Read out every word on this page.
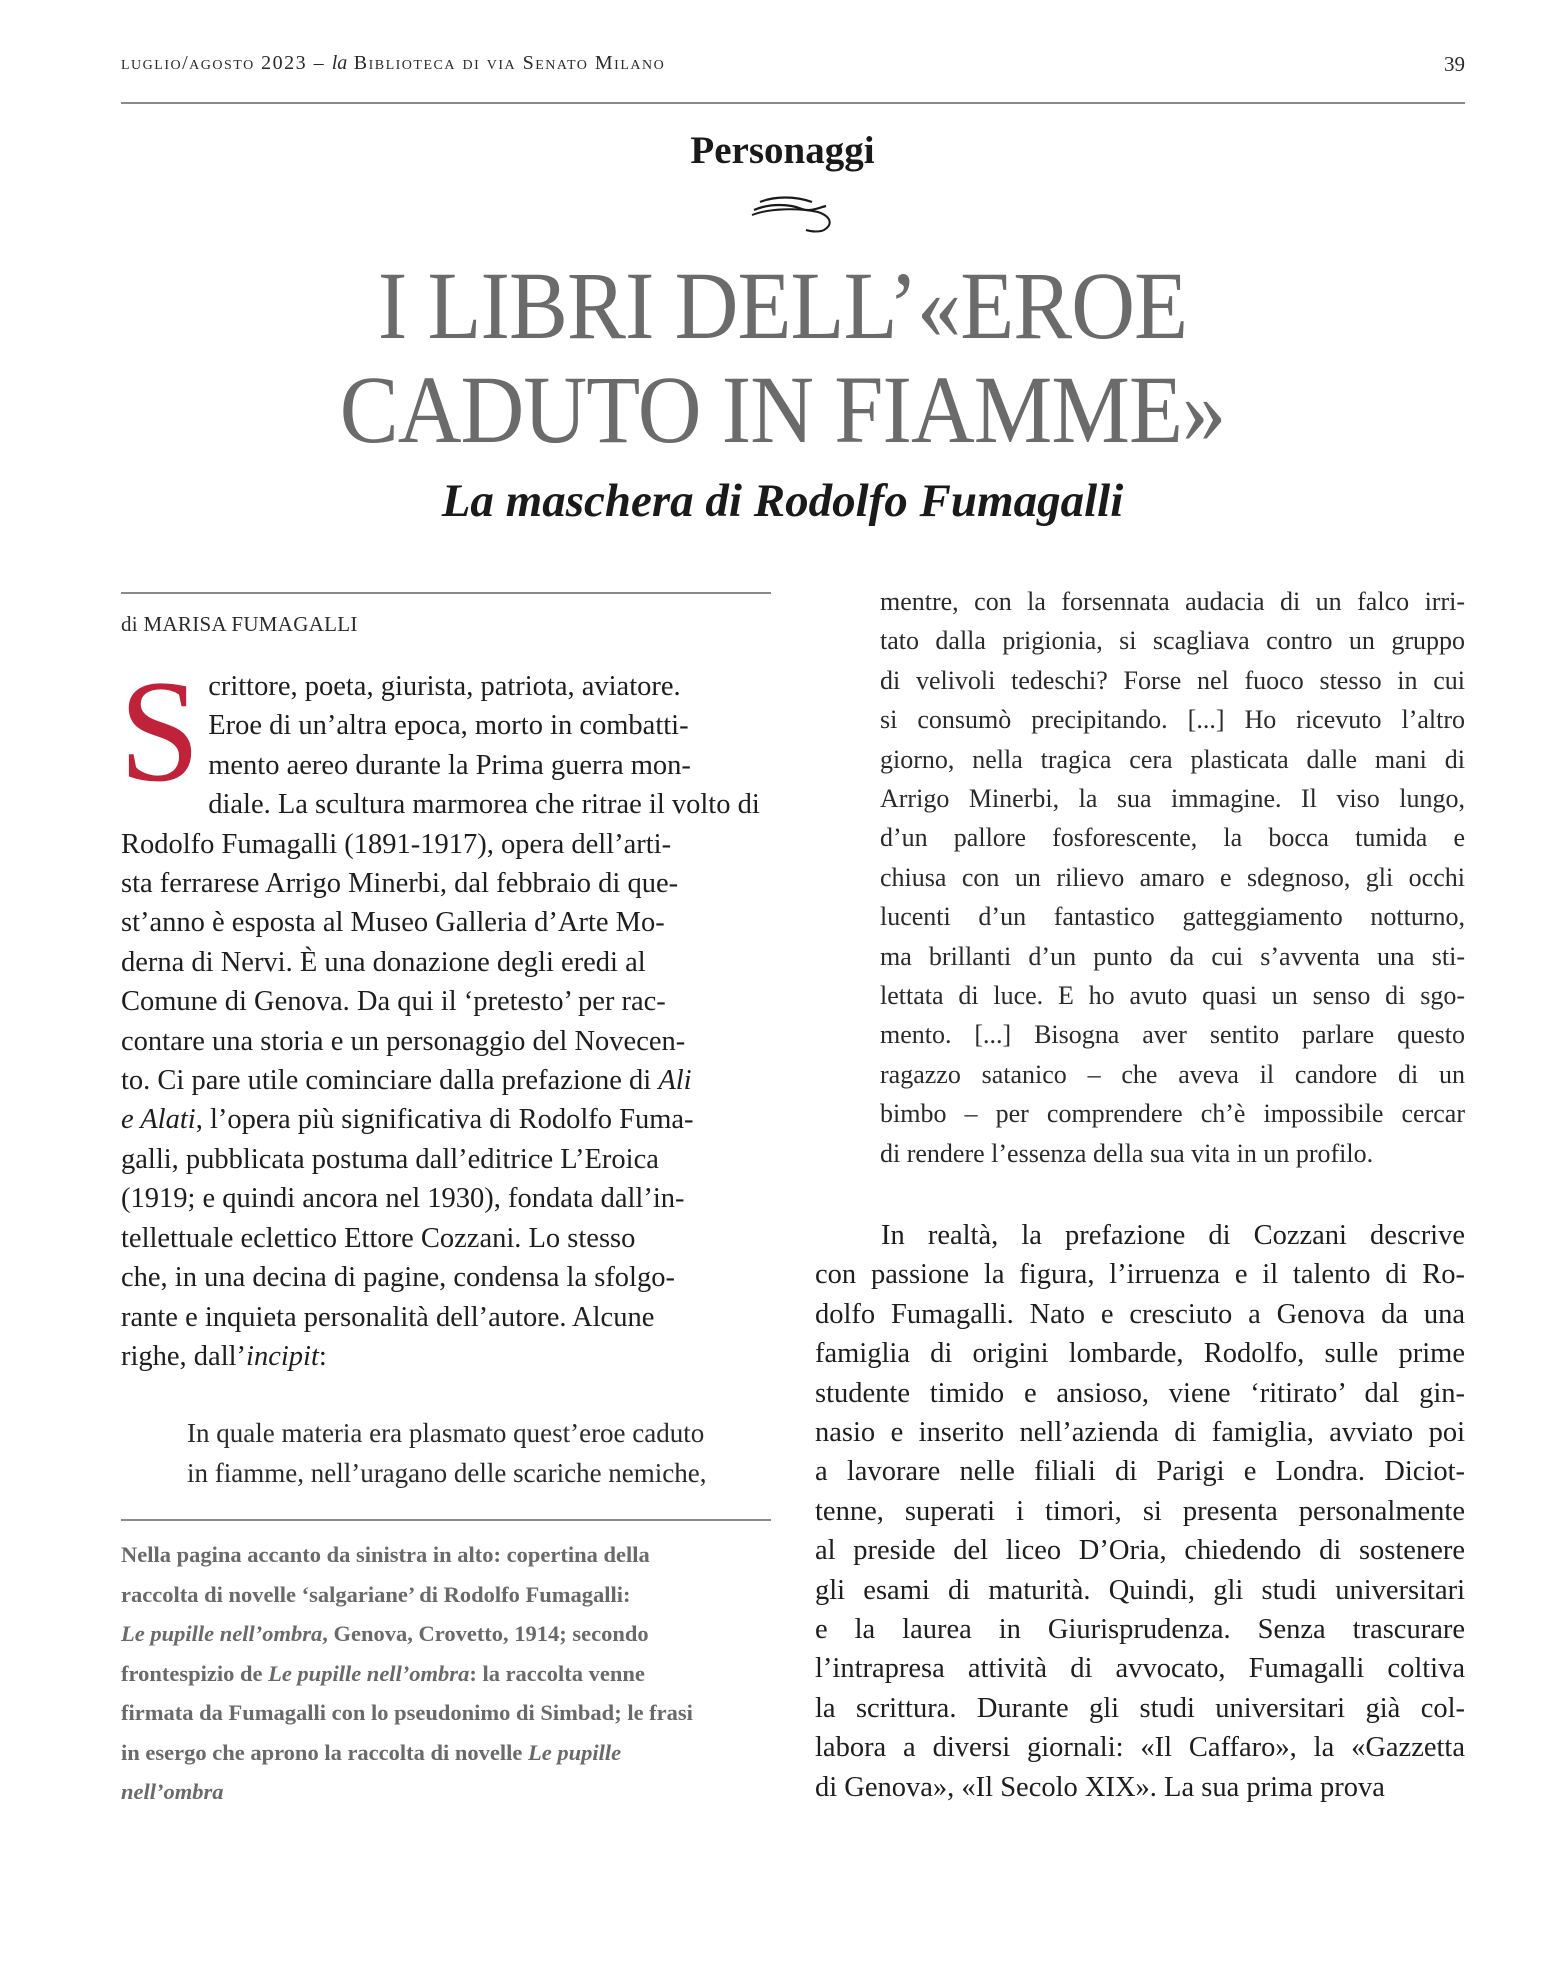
luglio/agosto 2023 – la Biblioteca di via Senato Milano	39
Personaggi
I LIBRI DELL’«EROE
CADUTO IN FIAMME»
La maschera di Rodolfo Fumagalli
di MARISA FUMAGALLI

S crittore, poeta, giurista, patriota, aviatore.
Eroe di un’altra epoca, morto in combatti-
mento aereo durante la Prima guerra mon-
diale. La scultura marmorea che ritrae il volto di
Rodolfo Fumagalli (1891-1917), opera dell’arti-
sta ferrarese Arrigo Minerbi, dal febbraio di que-
st’anno è esposta al Museo Galleria d’Arte Mo-
derna di Nervi. È una donazione degli eredi al
Comune di Genova. Da qui il ‘pretesto’ per rac-
contare una storia e un personaggio del Novecen-
to. Ci pare utile cominciare dalla prefazione di Ali
e Alati, l’opera più significativa di Rodolfo Fuma-
galli, pubblicata postuma dall’editrice L’Eroica
(1919; e quindi ancora nel 1930), fondata dall’in-
tellettuale eclettico Ettore Cozzani. Lo stesso
che, in una decina di pagine, condensa la sfolgo-
rante e inquieta personalità dell’autore. Alcune
righe, dall’incipit:

In quale materia era plasmato quest’eroe caduto
in fiamme, nell’uragano delle scariche nemiche,

Nella pagina accanto da sinistra in alto: copertina della
raccolta di novelle ‘salgariane’ di Rodolfo Fumagalli:
Le pupille nell’ombra, Genova, Crovetto, 1914; secondo
frontespizio de Le pupille nell’ombra: la raccolta venne
firmata da Fumagalli con lo pseudonimo di Simbad; le frasi
in esergo che aprono la raccolta di novelle Le pupille
nell’ombra
mentre, con la forsennata audacia di un falco irri-
tato dalla prigionia, si scagliava contro un gruppo
di velivoli tedeschi? Forse nel fuoco stesso in cui
si consumò precipitando. [...] Ho ricevuto l’altro
giorno, nella tragica cera plasticata dalle mani di
Arrigo Minerbi, la sua immagine. Il viso lungo,
d’un pallore fosforescente, la bocca tumida e
chiusa con un rilievo amaro e sdegnoso, gli occhi
lucenti d’un fantastico gatteggiamento notturno,
ma brillanti d’un punto da cui s’avventa una sti-
lettata di luce. E ho avuto quasi un senso di sgo-
mento. [...] Bisogna aver sentito parlare questo
ragazzo satanico – che aveva il candore di un
bimbo – per comprendere ch’è impossibile cercar
di rendere l’essenza della sua vita in un profilo.
In realtà, la prefazione di Cozzani descrive
con passione la figura, l’irruenza e il talento di Ro-
dolfo Fumagalli. Nato e cresciuto a Genova da una
famiglia di origini lombarde, Rodolfo, sulle prime
studente timido e ansioso, viene ‘ritirato’ dal gin-
nasio e inserito nell’azienda di famiglia, avviato poi
a lavorare nelle filiali di Parigi e Londra. Diciot-
tenne, superati i timori, si presenta personalmente
al preside del liceo D’Oria, chiedendo di sostenere
gli esami di maturità. Quindi, gli studi universitari
e la laurea in Giurisprudenza. Senza trascurare
l’intrapresa attività di avvocato, Fumagalli coltiva
la scrittura. Durante gli studi universitari già col-
labora a diversi giornali: «Il Caffaro», la «Gazzetta
di Genova», «Il Secolo XIX». La sua prima prova
